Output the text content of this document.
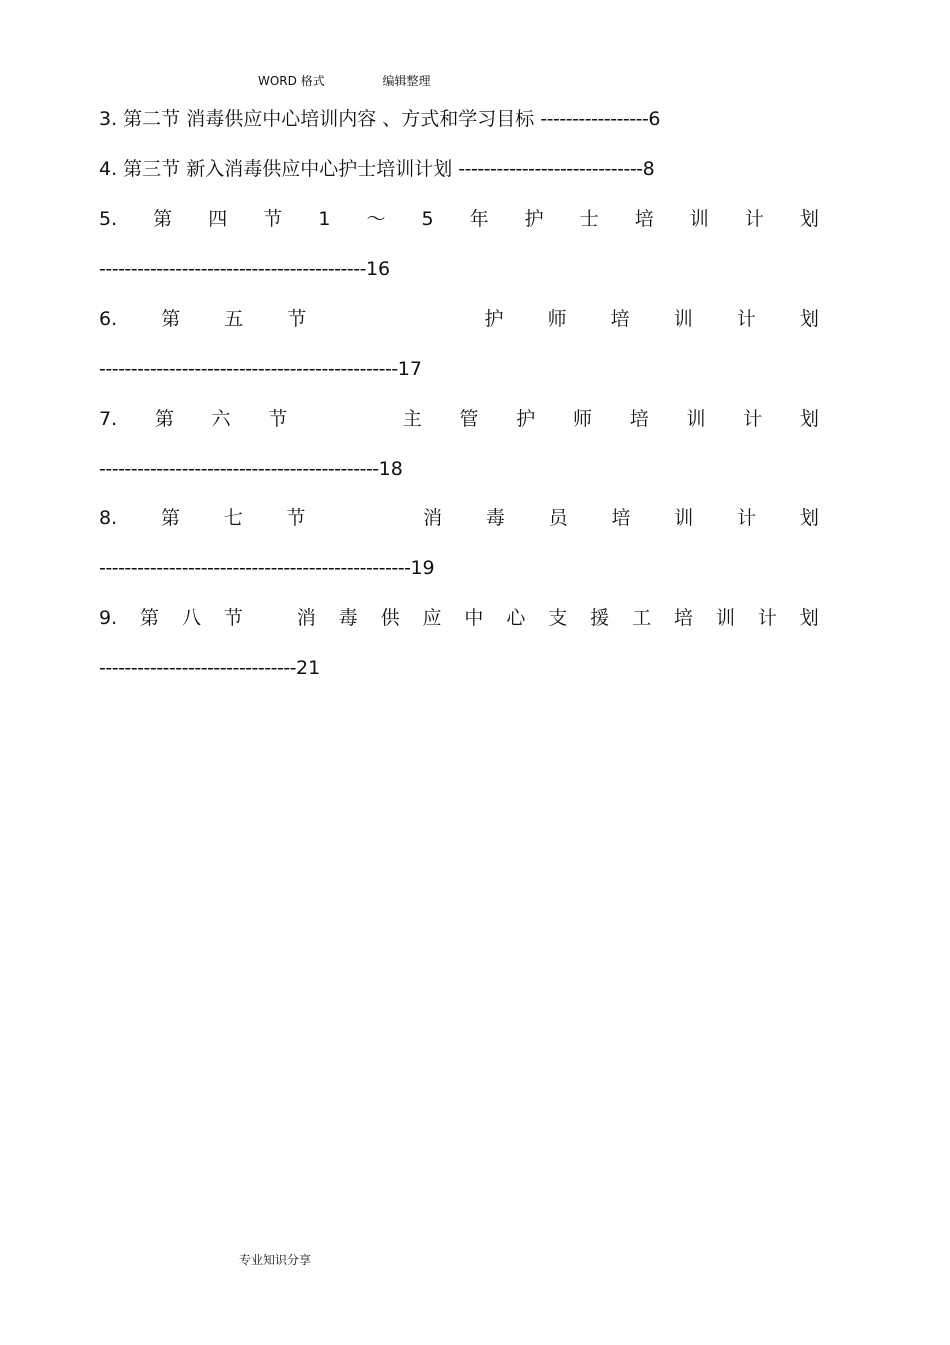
WORD 格式	编辑整理
3. 第二节 消毒供应中心培训内容 、方式和学习目标 -----------------6
4. 第三节 新入消毒供应中心护士培训计划 -----------------------------8
5. 第 四 节 1 ～ 5 年 护 士 培 训 计 划
------------------------------------------16
6. 第 五 节	护 师 培 训 计 划
-----------------------------------------------17
7. 第 六 节	主 管 护 师 培 训 计 划
--------------------------------------------18
8. 第 七 节	消 毒 员 培 训 计 划
-------------------------------------------------19
9. 第 八 节	消 毒 供 应 中 心 支 援 工 培 训 计 划
-------------------------------21
专业知识分享
